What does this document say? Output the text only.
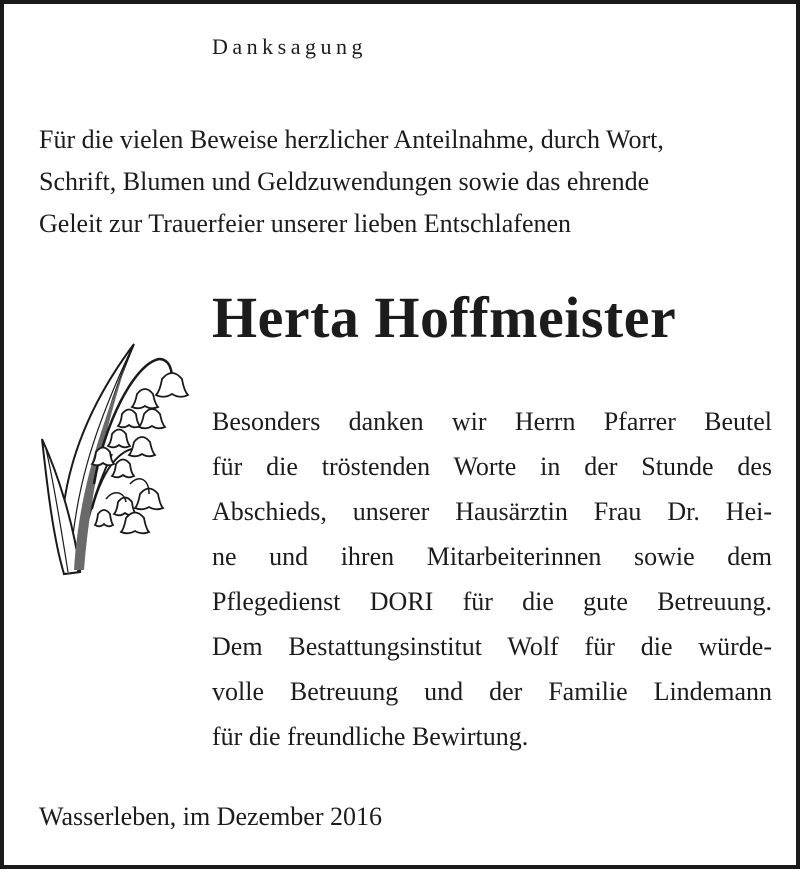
Danksagung
Für die vielen Beweise herzlicher Anteilnahme, durch Wort,
Schrift, Blumen und Geldzuwendungen sowie das ehrende
Geleit zur Trauerfeier unserer lieben Entschlafenen
Herta Hoffmeister
Besonders danken wir Herrn Pfarrer Beutel
für die tröstenden Worte in der Stunde des
Abschieds, unserer Hausärztin Frau Dr. Hei-
ne und ihren Mitarbeiterinnen sowie dem
Pflegedienst DORI für die gute Betreuung.
Dem Bestattungsinstitut Wolf für die würde-
volle Betreuung und der Familie Lindemann
für die freundliche Bewirtung.
Wasserleben, im Dezember 2016
